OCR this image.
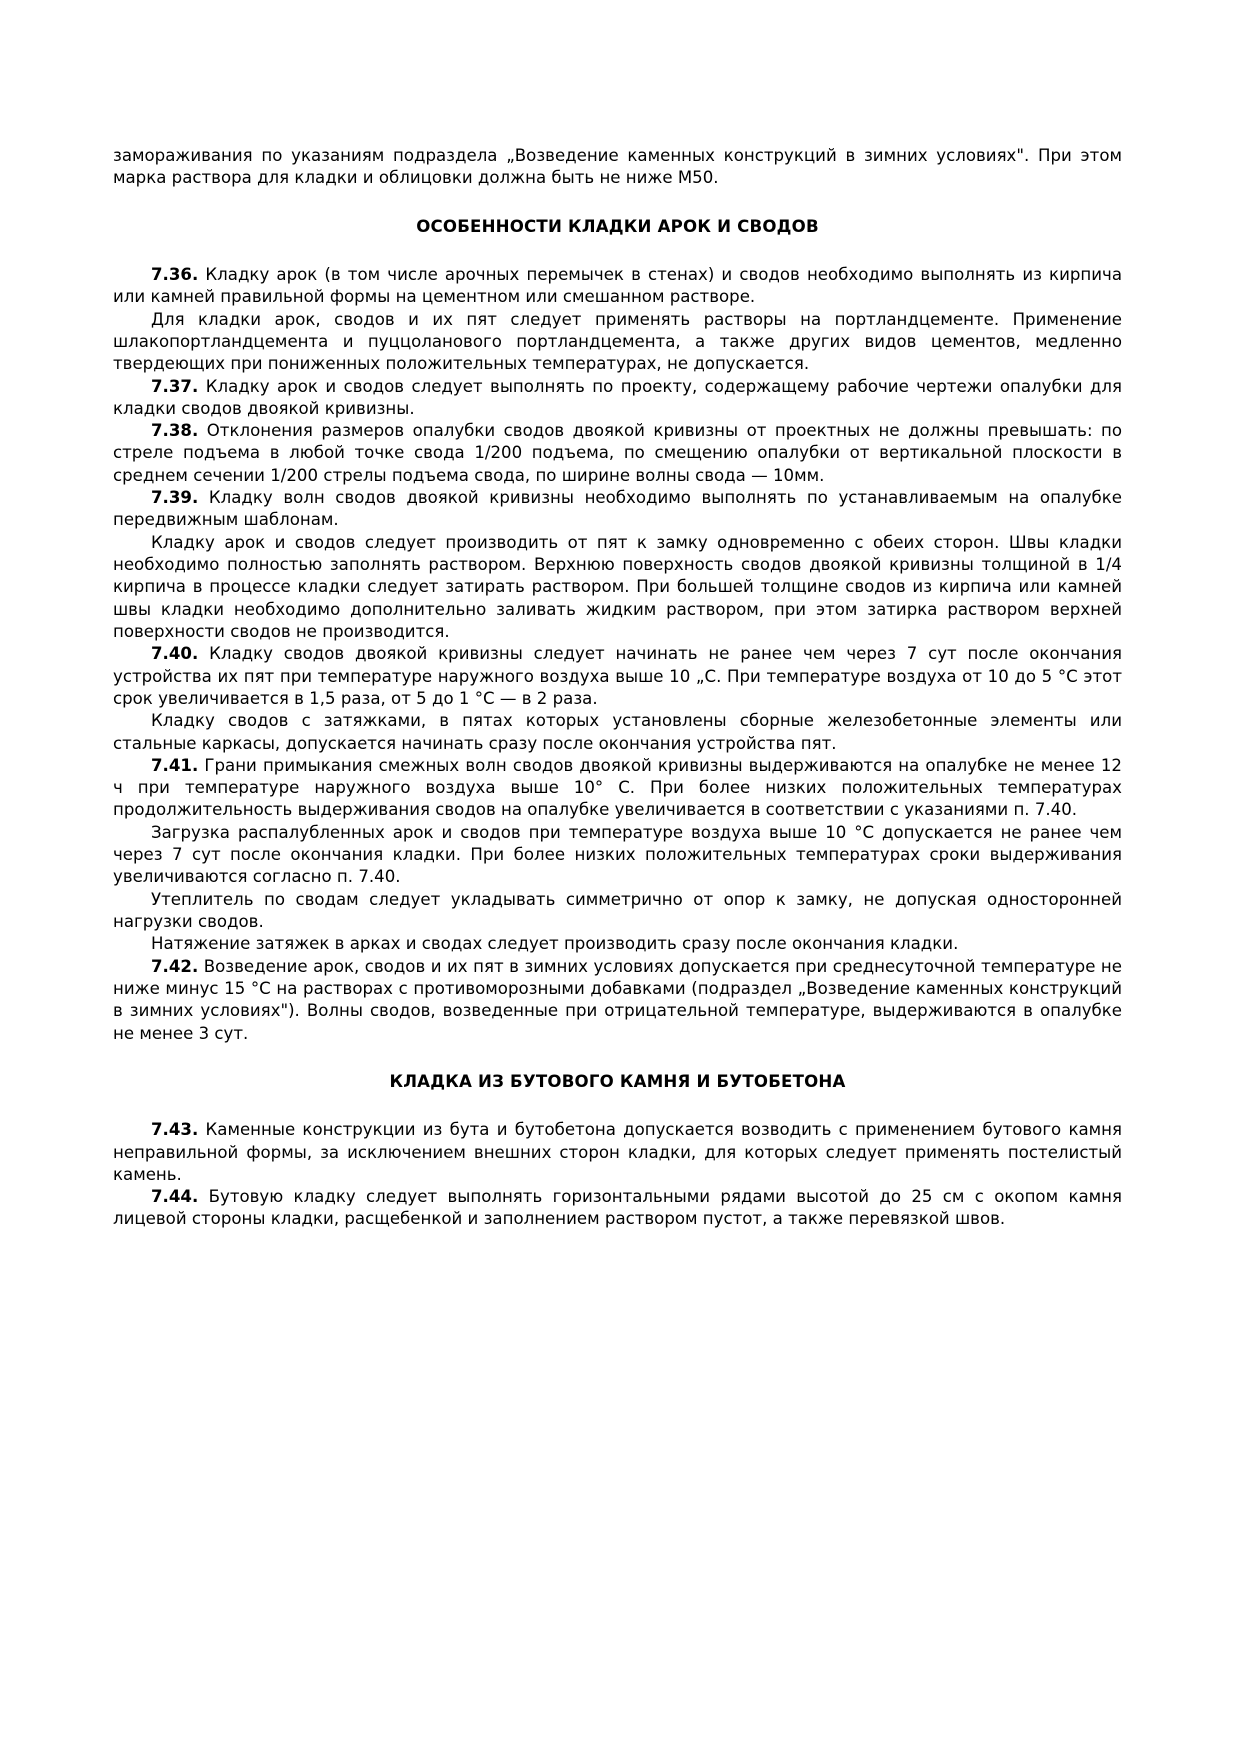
замораживания по указаниям подраздела „Возведение каменных конструкций в зимних условиях". При этом марка раствора для кладки и облицовки должна быть не ниже М50.

ОСОБЕННОСТИ КЛАДКИ АРОК И СВОДОВ

7.36. Кладку арок (в том числе арочных перемычек в стенах) и сводов необходимо выполнять из кирпича или камней правильной формы на цементном или смешанном растворе.

Для кладки арок, сводов и их пят следует применять растворы на портландцементе. Применение шлакопортландцемента и пуццоланового портландцемента, а также других видов цементов, медленно твердеющих при пониженных положительных температурах, не допускается.

7.37. Кладку арок и сводов следует выполнять по проекту, содержащему рабочие чертежи опалубки для кладки сводов двоякой кривизны.

7.38. Отклонения размеров опалубки сводов двоякой кривизны от проектных не должны превышать: по стреле подъема в любой точке свода 1/200 подъема, по смещению опалубки от вертикальной плоскости в среднем сечении 1/200 стрелы подъема свода, по ширине волны свода — 10мм.

7.39. Кладку волн сводов двоякой кривизны необходимо выполнять по устанавливаемым на опалубке передвижным шаблонам.

Кладку арок и сводов следует производить от пят к замку одновременно с обеих сторон. Швы кладки необходимо полностью заполнять раствором. Верхнюю поверхность сводов двоякой кривизны толщиной в 1/4 кирпича в процессе кладки следует затирать раствором. При большей толщине сводов из кирпича или камней швы кладки необходимо дополнительно заливать жидким раствором, при этом затирка раствором верхней поверхности сводов не производится.

7.40. Кладку сводов двоякой кривизны следует начинать не ранее чем через 7 сут после окончания устройства их пят при температуре наружного воздуха выше 10 „С. При температуре воздуха от 10 до 5 °С этот срок увеличивается в 1,5 раза, от 5 до 1 °С — в 2 раза.

Кладку сводов с затяжками, в пятах которых установлены сборные железобетонные элементы или стальные каркасы, допускается начинать сразу после окончания устройства пят.

7.41. Грани примыкания смежных волн сводов двоякой кривизны выдерживаются на опалубке не менее 12 ч при температуре наружного воздуха выше 10° С. При более низких положительных температурах продолжительность выдерживания сводов на опалубке увеличивается в соответствии с указаниями п. 7.40.

Загрузка распалубленных арок и сводов при температуре воздуха выше 10 °С допускается не ранее чем через 7 сут после окончания кладки. При более низких положительных температурах сроки выдерживания увеличиваются согласно п. 7.40.

Утеплитель по сводам следует укладывать симметрично от опор к замку, не допуская односторонней нагрузки сводов.

Натяжение затяжек в арках и сводах следует производить сразу после окончания кладки.

7.42. Возведение арок, сводов и их пят в зимних условиях допускается при среднесуточной температуре не ниже минус 15 °С на растворах с противоморозными добавками (подраздел „Возведение каменных конструкций в зимних условиях"). Волны сводов, возведенные при отрицательной температуре, выдерживаются в опалубке не менее 3 сут.

КЛАДКА ИЗ БУТОВОГО КАМНЯ И БУТОБЕТОНА

7.43. Каменные конструкции из бута и бутобетона допускается возводить с применением бутового камня неправильной формы, за исключением внешних сторон кладки, для которых следует применять постелистый камень.

7.44. Бутовую кладку следует выполнять горизонтальными рядами высотой до 25 см с окопом камня лицевой стороны кладки, расщебенкой и заполнением раствором пустот, а также перевязкой швов.
